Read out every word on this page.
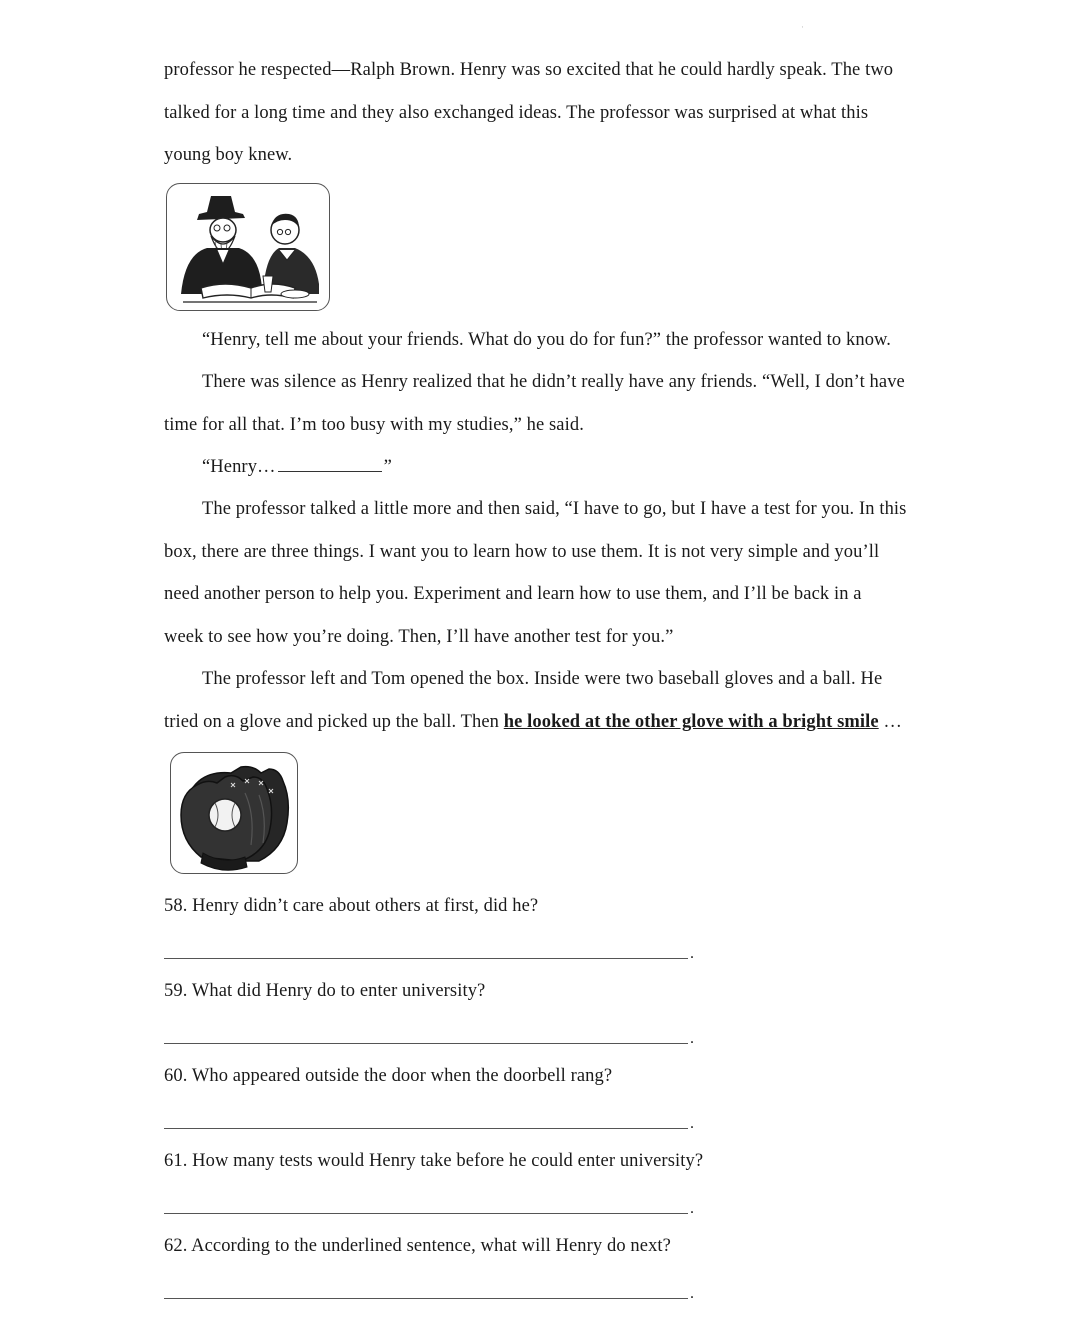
·
professor he respected—Ralph Brown. Henry was so excited that he could hardly speak. The two
talked for a long time and they also exchanged ideas. The professor was surprised at what this
young boy knew.
“Henry, tell me about your friends. What do you do for fun?” the professor wanted to know.
There was silence as Henry realized that he didn’t really have any friends. “Well, I don’t have
time for all that. I’m too busy with my studies,” he said.
“Henry…	”
The professor talked a little more and then said, “I have to go, but I have a test for you. In this
box, there are three things. I want you to learn how to use them. It is not very simple and you’ll
need another person to help you. Experiment and learn how to use them, and I’ll be back in a
week to see how you’re doing. Then, I’ll have another test for you.”
The professor left and Tom opened the box. Inside were two baseball gloves and a ball. He
tried on a glove and picked up the ball. Then he looked at the other glove with a bright smile …
58. Henry didn’t care about others at first, did he?
.
59. What did Henry do to enter university?
.
60. Who appeared outside the door when the doorbell rang?
.
61. How many tests would Henry take before he could enter university?
.
62. According to the underlined sentence, what will Henry do next?
.
